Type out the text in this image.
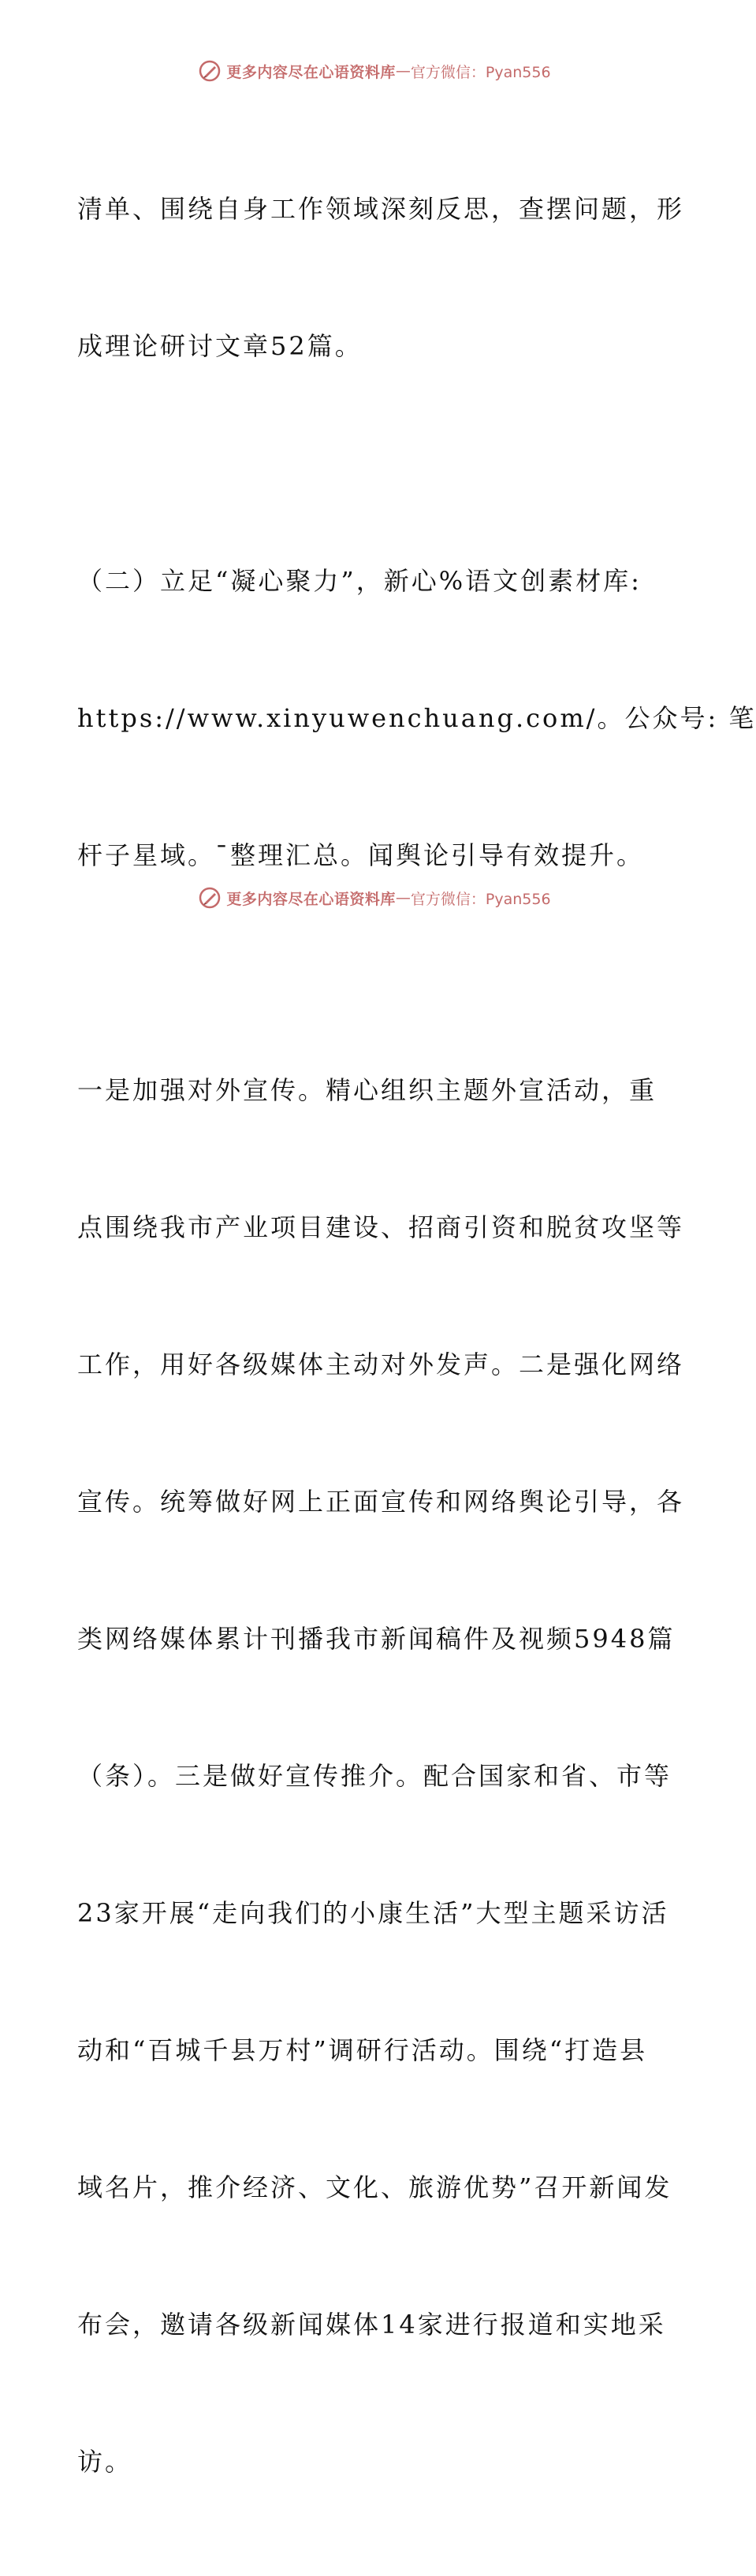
更多内容尽在心语资料库 — 官方微信：Pyan556

清单、围绕自身工作领域深刻反思，查摆问题，形

成理论研讨文章52篇。

（二）立足“凝心聚力”，新心%语文创素材库:

https://www.xinyuwenchuang.com/。公众号: 笔

杆子星域。¯整理汇总。闻舆论引导有效提升。

一是加强对外宣传。精心组织主题外宣活动，重

点围绕我市产业项目建设、招商引资和脱贫攻坚等

工作，用好各级媒体主动对外发声。二是强化网络

宣传。统筹做好网上正面宣传和网络舆论引导，各

类网络媒体累计刊播我市新闻稿件及视频5948篇

（条）。三是做好宣传推介。配合国家和省、市等

23家开展“走向我们的小康生活”大型主题采访活

动和“百城千县万村”调研行活动。围绕“打造县

域名片，推介经济、文化、旅游优势”召开新闻发

布会，邀请各级新闻媒体14家进行报道和实地采

访。

更多内容尽在心语资料库 — 官方微信：Pyan556
